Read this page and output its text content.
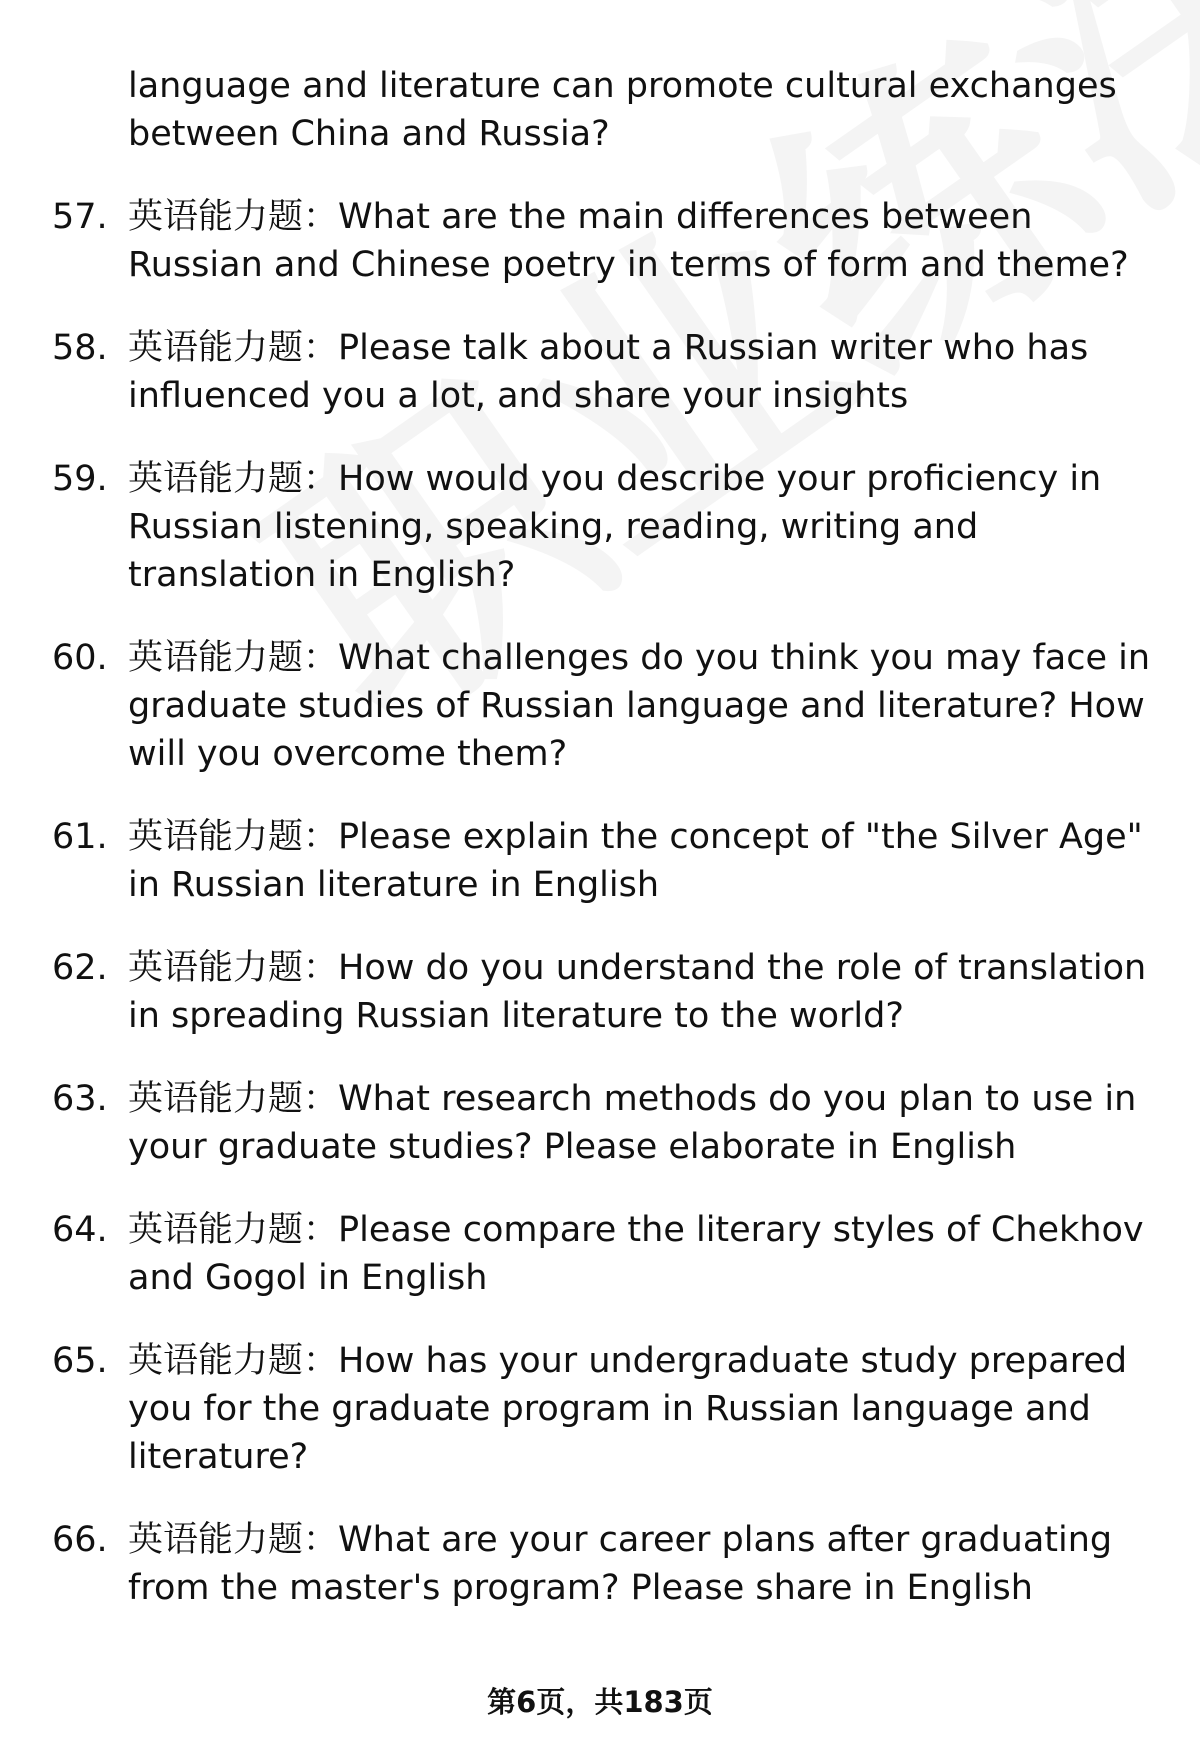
language and literature can promote cultural exchanges between China and Russia?
57. 英语能力题：What are the main differences between Russian and Chinese poetry in terms of form and theme?
58. 英语能力题：Please talk about a Russian writer who has influenced you a lot, and share your insights
59. 英语能力题：How would you describe your proficiency in Russian listening, speaking, reading, writing and translation in English?
60. 英语能力题：What challenges do you think you may face in graduate studies of Russian language and literature? How will you overcome them?
61. 英语能力题：Please explain the concept of "the Silver Age" in Russian literature in English
62. 英语能力题：How do you understand the role of translation in spreading Russian literature to the world?
63. 英语能力题：What research methods do you plan to use in your graduate studies? Please elaborate in English
64. 英语能力题：Please compare the literary styles of Chekhov and Gogol in English
65. 英语能力题：How has your undergraduate study prepared you for the graduate program in Russian language and literature?
66. 英语能力题：What are your career plans after graduating from the master's program? Please share in English
第6页，共183页
